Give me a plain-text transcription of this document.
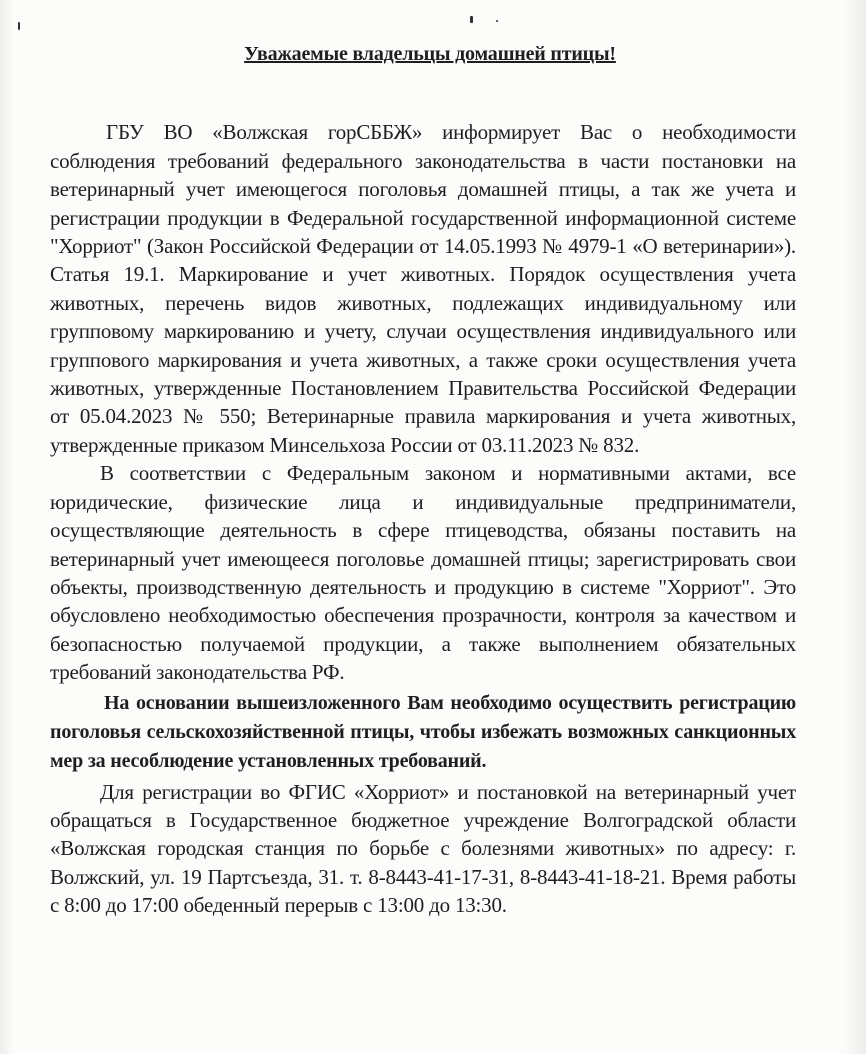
Уважаемые владельцы домашней птицы!

ГБУ ВО «Волжская горСББЖ» информирует Вас о необходимости соблюдения требований федерального законодательства в части постановки на ветеринарный учет имеющегося поголовья домашней птицы, а так же учета и регистрации продукции в Федеральной государственной информационной системе "Хорриот" (Закон Российской Федерации от 14.05.1993 № 4979-1 «О ветеринарии»). Статья 19.1. Маркирование и учет животных. Порядок осуществления учета животных, перечень видов животных, подлежащих индивидуальному или групповому маркированию и учету, случаи осуществления индивидуального или группового маркирования и учета животных, а также сроки осуществления учета животных, утвержденные Постановлением Правительства Российской Федерации от 05.04.2023 № 550; Ветеринарные правила маркирования и учета животных, утвержденные приказом Минсельхоза России от 03.11.2023 № 832.

В соответствии с Федеральным законом и нормативными актами, все юридические, физические лица и индивидуальные предприниматели, осуществляющие деятельность в сфере птицеводства, обязаны поставить на ветеринарный учет имеющееся поголовье домашней птицы; зарегистрировать свои объекты, производственную деятельность и продукцию в системе "Хорриот". Это обусловлено необходимостью обеспечения прозрачности, контроля за качеством и безопасностью получаемой продукции, а также выполнением обязательных требований законодательства РФ.

На основании вышеизложенного Вам необходимо осуществить регистрацию поголовья сельскохозяйственной птицы, чтобы избежать возможных санкционных мер за несоблюдение установленных требований.

Для регистрации во ФГИС «Хорриот» и постановкой на ветеринарный учет обращаться в Государственное бюджетное учреждение Волгоградской области «Волжская городская станция по борьбе с болезнями животных» по адресу: г. Волжский, ул. 19 Партсъезда, 31. т. 8-8443-41-17-31, 8-8443-41-18-21. Время работы с 8:00 до 17:00 обеденный перерыв с 13:00 до 13:30.
